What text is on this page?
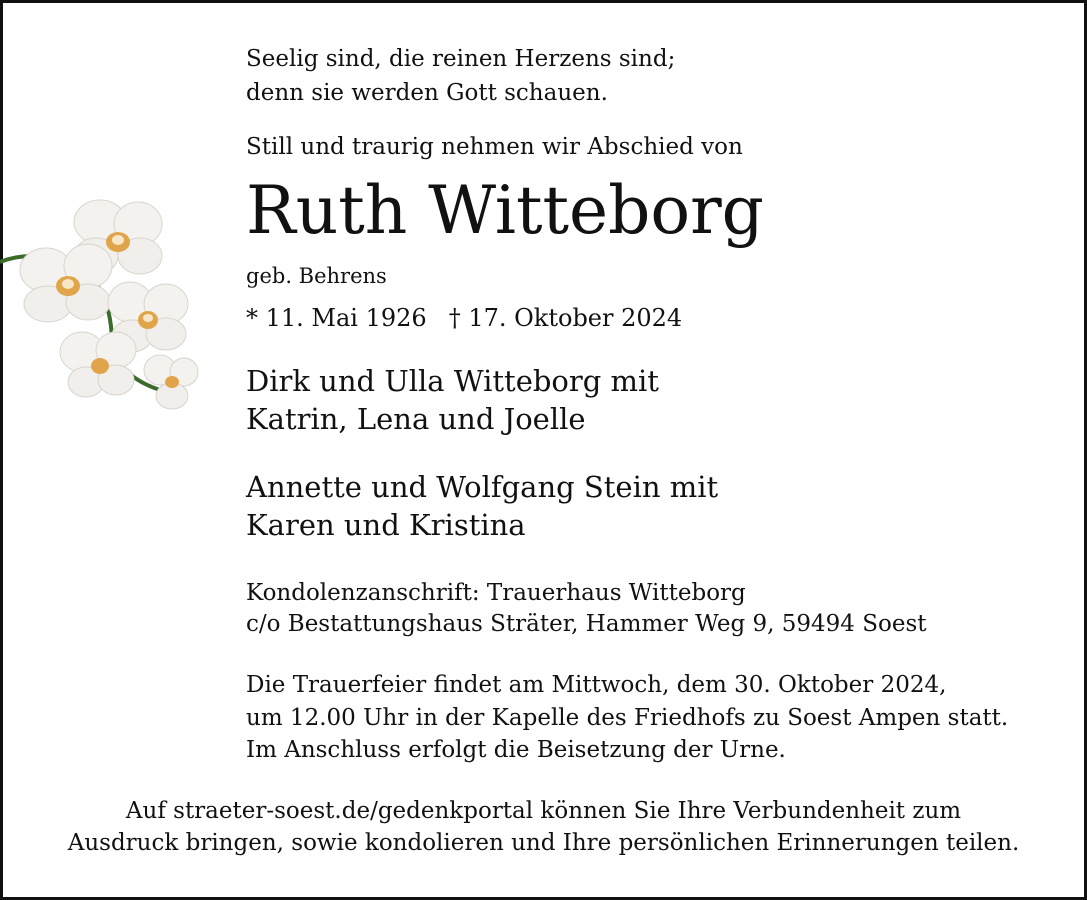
Seelig sind, die reinen Herzens sind;
denn sie werden Gott schauen.
Still und traurig nehmen wir Abschied von
Ruth Witteborg
geb. Behrens
* 11. Mai 1926 † 17. Oktober 2024
Dirk und Ulla Witteborg mit
Katrin, Lena und Joelle
Annette und Wolfgang Stein mit
Karen und Kristina
Kondolenzanschrift: Trauerhaus Witteborg
c/o Bestattungshaus Sträter, Hammer Weg 9, 59494 Soest
Die Trauerfeier findet am Mittwoch, dem 30. Oktober 2024,
um 12.00 Uhr in der Kapelle des Friedhofs zu Soest Ampen statt.
Im Anschluss erfolgt die Beisetzung der Urne.
Auf straeter-soest.de/gedenkportal können Sie Ihre Verbundenheit zum
Ausdruck bringen, sowie kondolieren und Ihre persönlichen Erinnerungen teilen.
